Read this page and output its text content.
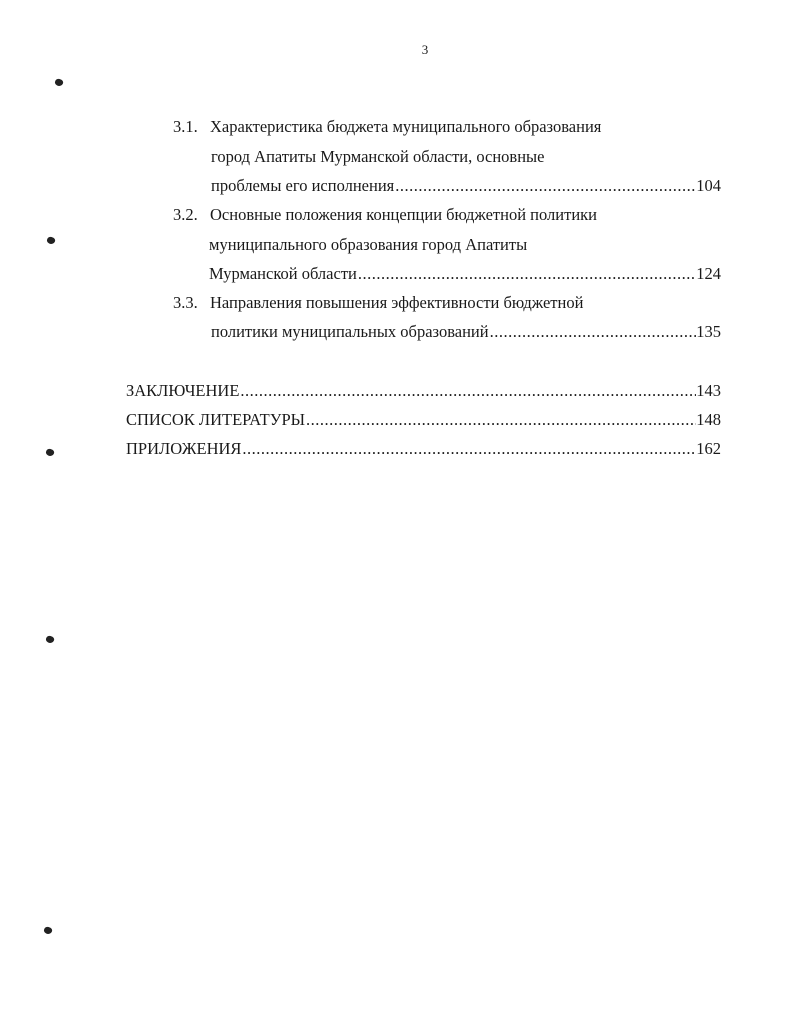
3
3.1. Характеристика бюджета муниципального образования
город Апатиты Мурманской области, основные
проблемы его исполнения .....	104
3.2. Основные положения концепции бюджетной политики
муниципального образования город Апатиты
Мурманской области .....	124
3.3. Направления повышения эффективности бюджетной
политики муниципальных образований .....	135
ЗАКЛЮЧЕНИЕ .....	143
СПИСОК ЛИТЕРАТУРЫ .....	148
ПРИЛОЖЕНИЯ .....	162
